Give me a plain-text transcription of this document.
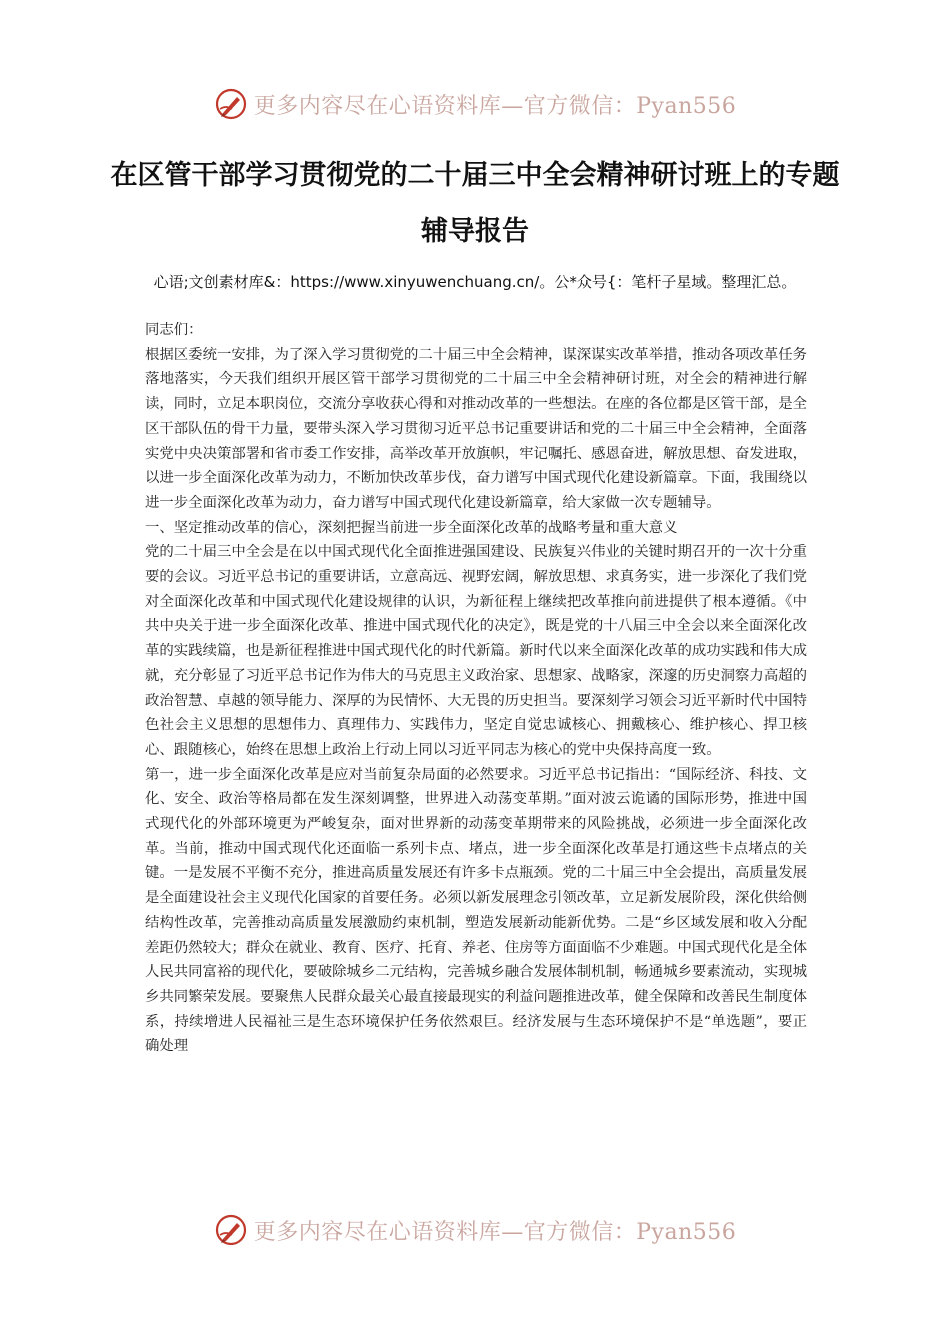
更多内容尽在心语资料库—官方微信：Pyan556
在区管干部学习贯彻党的二十届三中全会精神研讨班上的专题辅导报告

心语;文创素材库&：https://www.xinyuwenchuang.cn/。公*众号{：笔杆子星域。整理汇总。

同志们：

根据区委统一安排，为了深入学习贯彻党的二十届三中全会精神，谋深谋实改革举措，推动各项改革任务落地落实，今天我们组织开展区管干部学习贯彻党的二十届三中全会精神研讨班，对全会的精神进行解读，同时，立足本职岗位，交流分享收获心得和对推动改革的一些想法。在座的各位都是区管干部，是全区干部队伍的骨干力量，要带头深入学习贯彻习近平总书记重要讲话和党的二十届三中全会精神，全面落实党中央决策部署和省市委工作安排，高举改革开放旗帜，牢记嘱托、感恩奋进，解放思想、奋发进取，以进一步全面深化改革为动力，不断加快改革步伐，奋力谱写中国式现代化建设新篇章。下面，我围绕以进一步全面深化改革为动力，奋力谱写中国式现代化建设新篇章，给大家做一次专题辅导。

一、坚定推动改革的信心，深刻把握当前进一步全面深化改革的战略考量和重大意义

党的二十届三中全会是在以中国式现代化全面推进强国建设、民族复兴伟业的关键时期召开的一次十分重要的会议。习近平总书记的重要讲话，立意高远、视野宏阔，解放思想、求真务实，进一步深化了我们党对全面深化改革和中国式现代化建设规律的认识，为新征程上继续把改革推向前进提供了根本遵循。《中共中央关于进一步全面深化改革、推进中国式现代化的决定》，既是党的十八届三中全会以来全面深化改革的实践续篇，也是新征程推进中国式现代化的时代新篇。新时代以来全面深化改革的成功实践和伟大成就，充分彰显了习近平总书记作为伟大的马克思主义政治家、思想家、战略家，深邃的历史洞察力高超的政治智慧、卓越的领导能力、深厚的为民情怀、大无畏的历史担当。要深刻学习领会习近平新时代中国特色社会主义思想的思想伟力、真理伟力、实践伟力，坚定自觉忠诚核心、拥戴核心、维护核心、捍卫核心、跟随核心，始终在思想上政治上行动上同以习近平同志为核心的党中央保持高度一致。

第一，进一步全面深化改革是应对当前复杂局面的必然要求。习近平总书记指出：“国际经济、科技、文化、安全、政治等格局都在发生深刻调整，世界进入动荡变革期。”面对波云诡谲的国际形势，推进中国式现代化的外部环境更为严峻复杂，面对世界新的动荡变革期带来的风险挑战，必须进一步全面深化改革。当前，推动中国式现代化还面临一系列卡点、堵点，进一步全面深化改革是打通这些卡点堵点的关键。一是发展不平衡不充分，推进高质量发展还有许多卡点瓶颈。党的二十届三中全会提出，高质量发展是全面建设社会主义现代化国家的首要任务。必须以新发展理念引领改革，立足新发展阶段，深化供给侧结构性改革，完善推动高质量发展激励约束机制，塑造发展新动能新优势。二是“乡区域发展和收入分配差距仍然较大；群众在就业、教育、医疗、托育、养老、住房等方面面临不少难题。中国式现代化是全体人民共同富裕的现代化，要破除城乡二元结构，完善城乡融合发展体制机制，畅通城乡要素流动，实现城乡共同繁荣发展。要聚焦人民群众最关心最直接最现实的利益问题推进改革，健全保障和改善民生制度体系，持续增进人民福祉三是生态环境保护任务依然艰巨。经济发展与生态环境保护不是“单选题”，要正确处理

更多内容尽在心语资料库—官方微信：Pyan556
